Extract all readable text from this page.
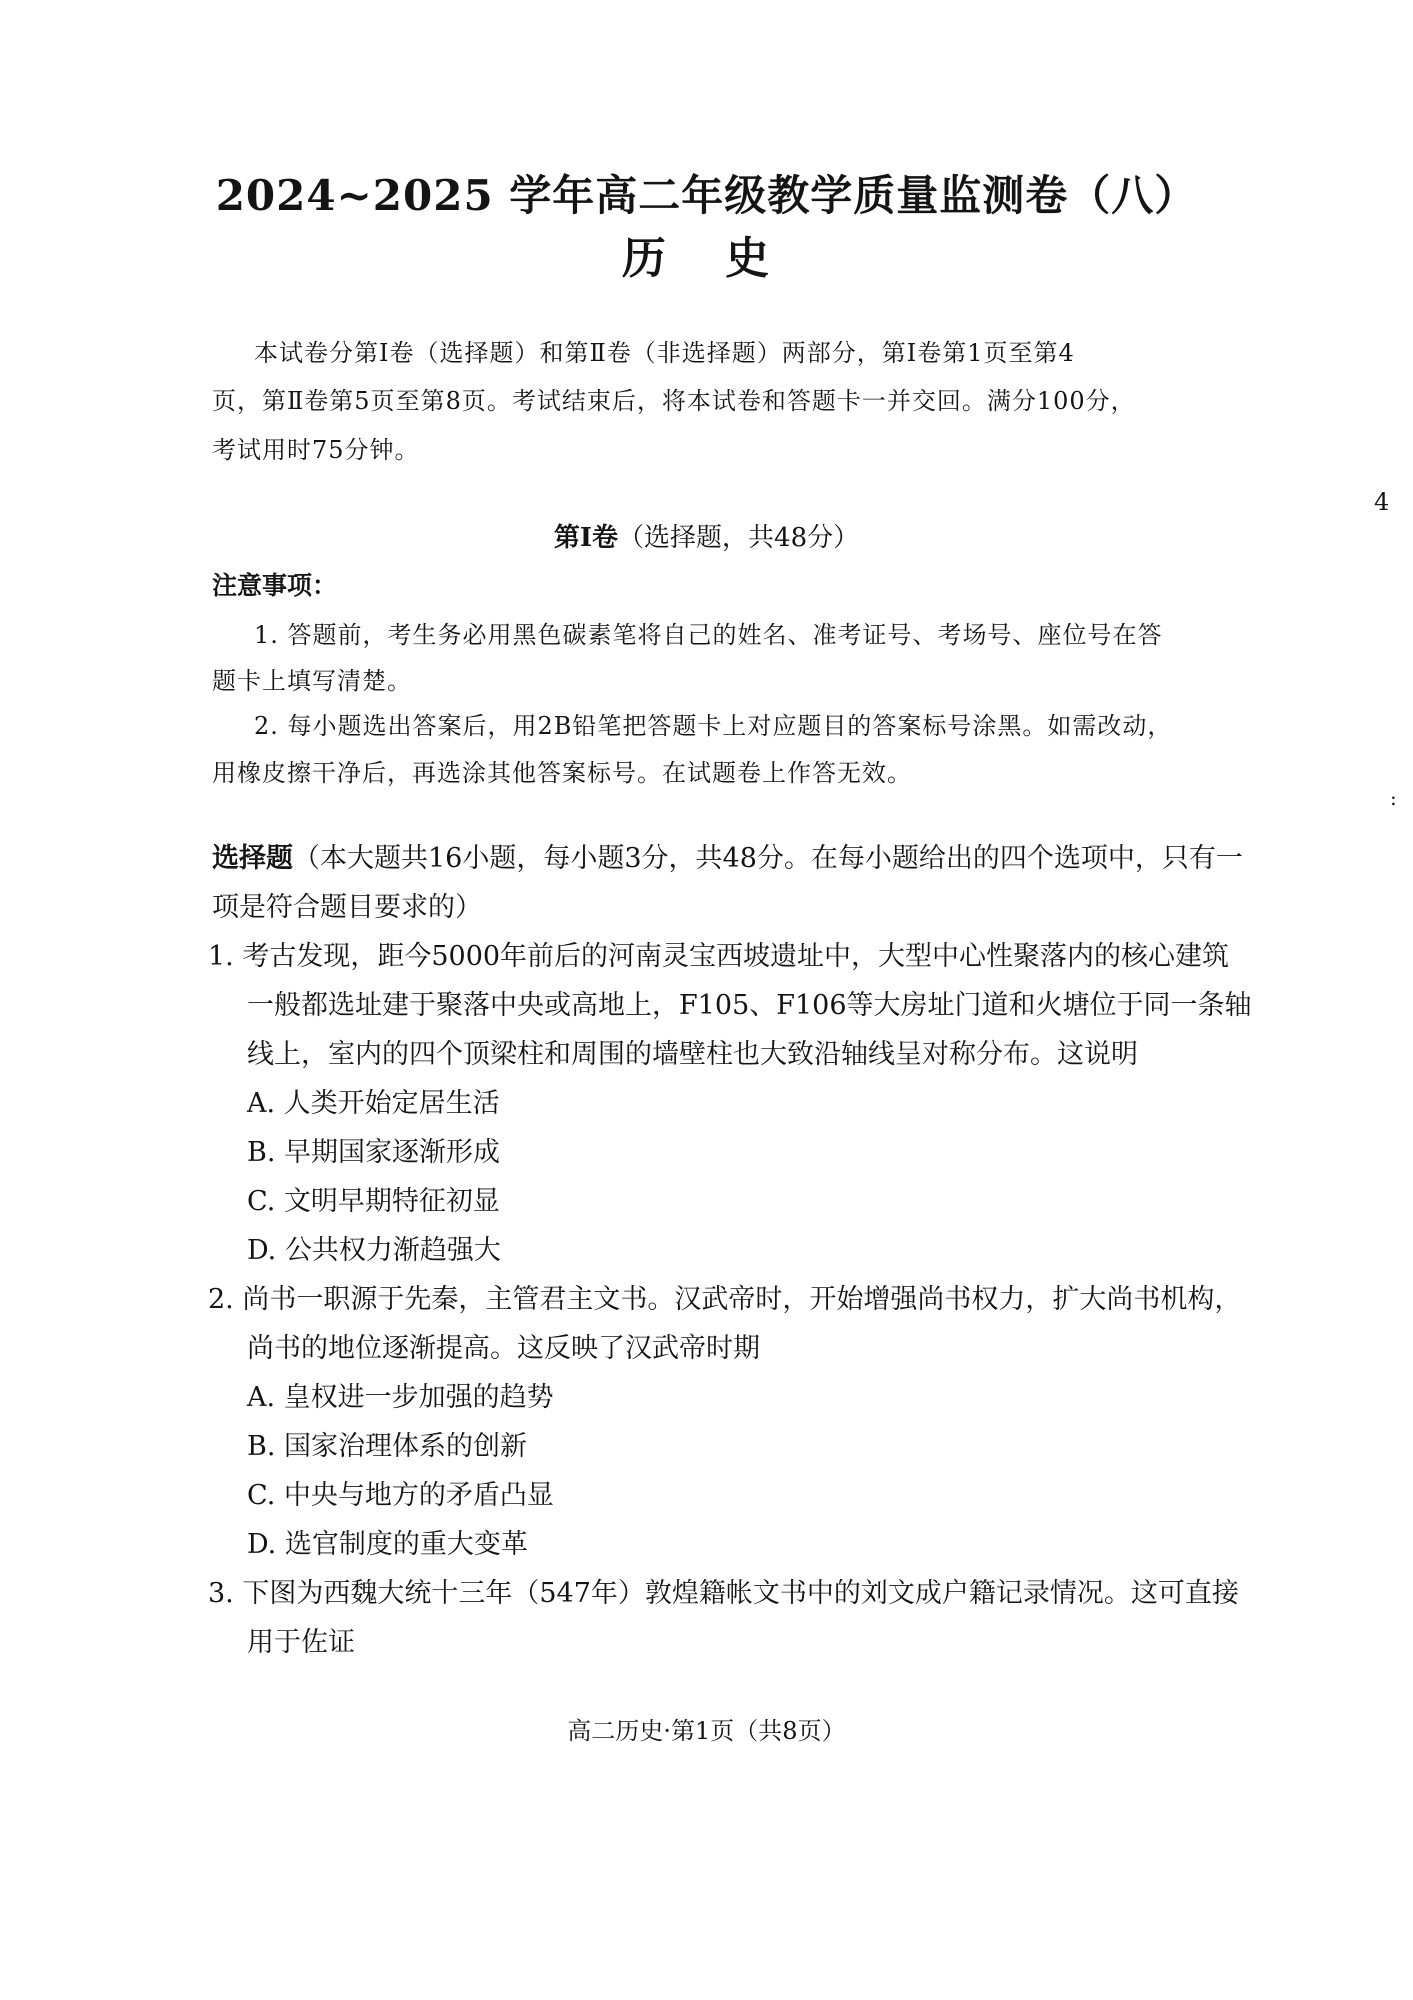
2024~2025 学年高二年级教学质量监测卷（八）
历 史
本试卷分第Ⅰ卷（选择题）和第Ⅱ卷（非选择题）两部分，第Ⅰ卷第1页至第4
页，第Ⅱ卷第5页至第8页。考试结束后，将本试卷和答题卡一并交回。满分100分，
考试用时75分钟。
第Ⅰ卷（选择题，共48分）
注意事项：
1. 答题前，考生务必用黑色碳素笔将自己的姓名、准考证号、考场号、座位号在答
题卡上填写清楚。
2. 每小题选出答案后，用2B铅笔把答题卡上对应题目的答案标号涂黑。如需改动，
用橡皮擦干净后，再选涂其他答案标号。在试题卷上作答无效。
选择题（本大题共16小题，每小题3分，共48分。在每小题给出的四个选项中，只有一
项是符合题目要求的）
1. 考古发现，距今5000年前后的河南灵宝西坡遗址中，大型中心性聚落内的核心建筑
一般都选址建于聚落中央或高地上，F105、F106等大房址门道和火塘位于同一条轴
线上，室内的四个顶梁柱和周围的墙壁柱也大致沿轴线呈对称分布。这说明
A. 人类开始定居生活
B. 早期国家逐渐形成
C. 文明早期特征初显
D. 公共权力渐趋强大
2. 尚书一职源于先秦，主管君主文书。汉武帝时，开始增强尚书权力，扩大尚书机构，
尚书的地位逐渐提高。这反映了汉武帝时期
A. 皇权进一步加强的趋势
B. 国家治理体系的创新
C. 中央与地方的矛盾凸显
D. 选官制度的重大变革
3. 下图为西魏大统十三年（547年）敦煌籍帐文书中的刘文成户籍记录情况。这可直接
用于佐证
4
:
高二历史·第1页（共8页）
